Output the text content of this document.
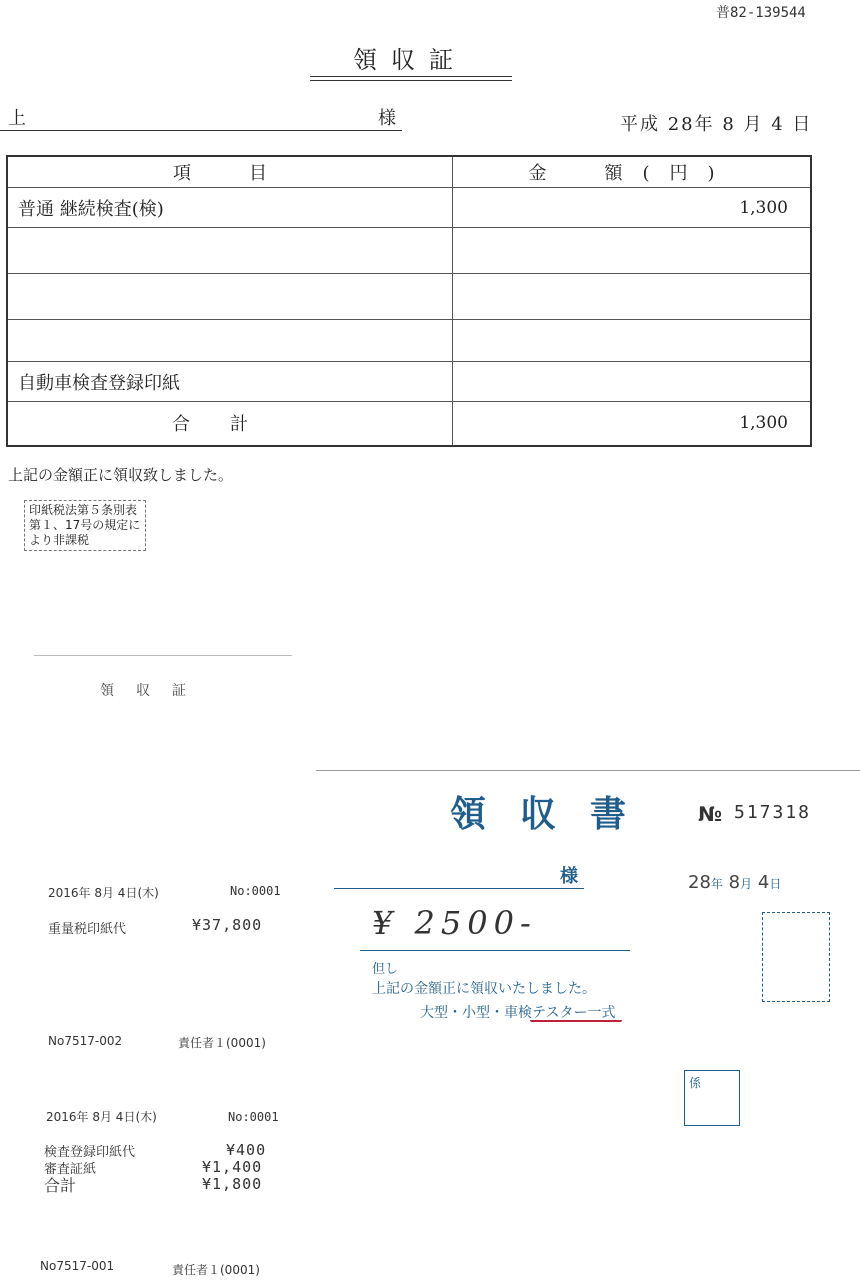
普82-139544
領収証
上	様	平成 28年 8 月 4 日
項　目	金　額(円)
普通 継続検査(検)	1,300

自動車検査登録印紙	
合計	1,300
上記の金額正に領収致しました。
印紙税法第５条別表第１、17号の規定により非課税
領収証
領収書 № 517318
様	28年 8月 4日
¥ 2500-
但し
上記の金額正に領収いたしました。
大型・小型・車検テスター一式
係
2016年 8月 4日(木)	No:0001
重量税印紙代	¥37,800
No7517-002	責任者１(0001)
2016年 8月 4日(木)	No:0001
検査登録印紙代	¥400
審査証紙	¥1,400
合計	¥1,800
No7517-001	責任者１(0001)
